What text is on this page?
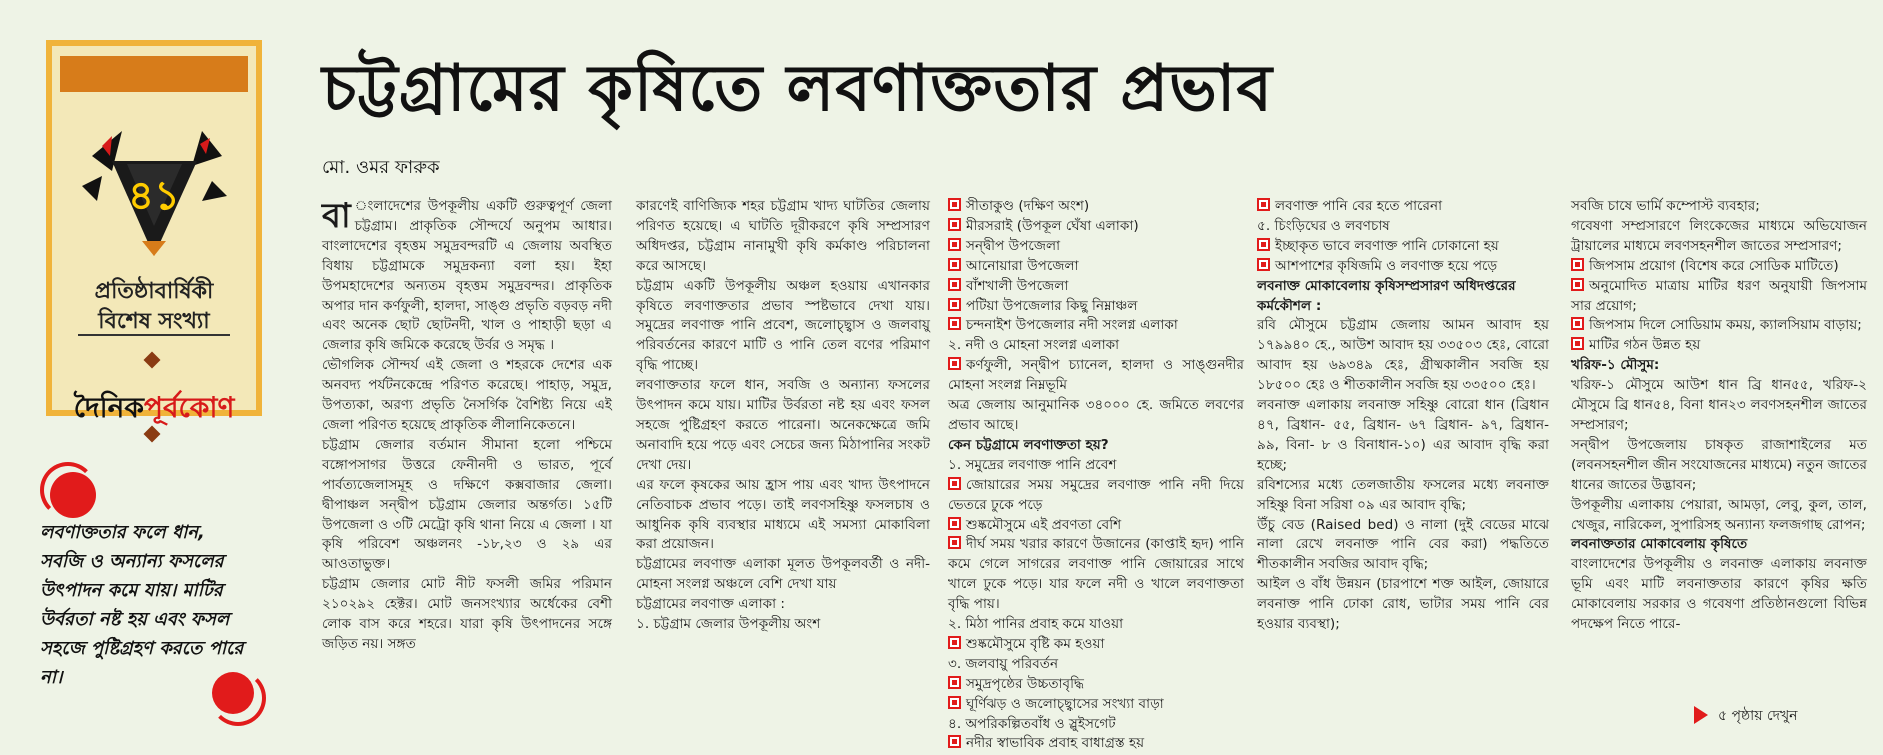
৪১
প্রতিষ্ঠাবার্ষিকী
বিশেষ সংখ্যা
দৈনিকপূর্বকোণ
লবণাক্ততার ফলে ধান, সবজি ও অন্যান্য ফসলের উৎপাদন কমে যায়। মাটির উর্বরতা নষ্ট হয় এবং ফসল সহজে পুষ্টিগ্রহণ করতে পারে না।
চট্টগ্রামের কৃষিতে লবণাক্ততার প্রভাব
মো. ওমর ফারুক

বা ংলাদেশের উপকূলীয় একটি গুরুত্বপূর্ণ জেলা চট্টগ্রাম। প্রাকৃতিক সৌন্দর্যে অনুপম আধার। বাংলাদেশের বৃহত্তম সমুদ্রবন্দরটি এ জেলায় অবস্থিত বিধায় চট্টগ্রামকে সমুদ্রকন্যা বলা হয়। ইহা উপমহাদেশের অন্যতম বৃহত্তম সমুদ্রবন্দর। প্রাকৃতিক অপার দান কর্ণফুলী, হালদা, সাঙ্গু প্রভৃতি বড়বড় নদী এবং অনেক ছোট ছোটনদী, খাল ও পাহাড়ী ছড়া এ জেলার কৃষি জমিকে করেছে উর্বর ও সমৃদ্ধ ।

ভৌগলিক সৌন্দর্য এই জেলা ও শহরকে দেশের এক অনবদ্য পর্যটনকেন্দ্রে পরিণত করেছে। পাহাড়, সমুদ্র, উপত্যকা, অরণ্য প্রভৃতি নৈসর্গিক বৈশিষ্ট্য নিয়ে এই জেলা পরিণত হয়েছে প্রাকৃতিক লীলানিকেতনে।

চট্টগ্রাম জেলার বর্তমান সীমানা হলো পশ্চিমে বঙ্গোপসাগর উত্তরে ফেনীনদী ও ভারত, পূর্বে পার্বত্যজেলাসমূহ ও দক্ষিণে কক্সবাজার জেলা। দ্বীপাঞ্চল সন্দ্বীপ চট্টগ্রাম জেলার অন্তর্গত। ১৫টি উপজেলা ও ৩টি মেট্রো কৃষি থানা নিয়ে এ জেলা । যা কৃষি পরিবেশ অঞ্চলনং -১৮,২৩ ও ২৯ এর আওতাভুক্ত।

চট্টগ্রাম জেলার মোট নীট ফসলী জমির পরিমান ২১০২৯২ হেক্টর। মোট জনসংখ্যার অর্ধেকের বেশী লোক বাস করে শহরে। যারা কৃষি উৎপাদনের সঙ্গে জড়িত নয়। সঙ্গত

কারণেই বাণিজ্যিক শহর চট্টগ্রাম খাদ্য ঘাটতির জেলায় পরিণত হয়েছে। এ ঘাটতি দূরীকরণে কৃষি সম্প্রসারণ অধিদপ্তর, চট্টগ্রাম নানামুখী কৃষি কর্মকাণ্ড পরিচালনা করে আসছে।

চট্টগ্রাম একটি উপকূলীয় অঞ্চল হওয়ায় এখানকার কৃষিতে লবণাক্ততার প্রভাব স্পষ্টভাবে দেখা যায়। সমুদ্রের লবণাক্ত পানি প্রবেশ, জলোচ্ছ্বাস ও জলবায়ু পরিবর্তনের কারণে মাটি ও পানি তেল বণের পরিমাণ বৃদ্ধি পাচ্ছে।

লবণাক্ততার ফলে ধান, সবজি ও অন্যান্য ফসলের উৎপাদন কমে যায়। মাটির উর্বরতা নষ্ট হয় এবং ফসল সহজে পুষ্টিগ্রহণ করতে পারেনা। অনেকক্ষেত্রে জমি অনাবাদি হয়ে পড়ে এবং সেচের জন্য মিঠাপানির সংকট দেখা দেয়।

এর ফলে কৃষকের আয় হ্রাস পায় এবং খাদ্য উৎপাদনে নেতিবাচক প্রভাব পড়ে। তাই লবণসহিষ্ণু ফসলচাষ ও আধুনিক কৃষি ব্যবস্থার মাধ্যমে এই সমস্যা মোকাবিলা করা প্রয়োজন।

চট্টগ্রামের লবণাক্ত এলাকা মূলত উপকূলবর্তী ও নদী-মোহনা সংলগ্ন অঞ্চলে বেশি দেখা যায়

চট্টগ্রামের লবণাক্ত এলাকা :

১. চট্টগ্রাম জেলার উপকূলীয় অংশ

সীতাকুণ্ড (দক্ষিণ অংশ)
মীরসরাই (উপকূল ঘেঁষা এলাকা)
সন্দ্বীপ উপজেলা
আনোয়ারা উপজেলা
বাঁশখালী উপজেলা
পটিয়া উপজেলার কিছু নিম্নাঞ্চল
চন্দনাইশ উপজেলার নদী সংলগ্ন এলাকা
২. নদী ও মোহনা সংলগ্ন এলাকা

কর্ণফুলী, সন্দ্বীপ চ্যানেল, হালদা ও সাঙ্গুনদীর মোহনা সংলগ্ন নিম্নভূমি

অত্র জেলায় আনুমানিক ৩৪০০০ হে. জমিতে লবণের প্রভাব আছে।

কেন চট্টগ্রামে লবণাক্ততা হয়?
১. সমুদ্রের লবণাক্ত পানি প্রবেশ

জোয়ারের সময় সমুদ্রের লবণাক্ত পানি নদী দিয়ে ভেতরে ঢুকে পড়ে

শুষ্কমৌসুমে এই প্রবণতা বেশি

দীর্ঘ সময় খরার কারণে উজানের (কাপ্তাই হৃদ) পানি কমে গেলে সাগরের লবণাক্ত পানি জোয়ারের সাথে খালে ঢুকে পড়ে। যার ফলে নদী ও খালে লবণাক্ততা বৃদ্ধি পায়।

২. মিঠা পানির প্রবাহ কমে যাওয়া
শুষ্কমৌসুমে বৃষ্টি কম হওয়া
৩. জলবায়ু পরিবর্তন
সমুদ্রপৃষ্ঠের উচ্চতাবৃদ্ধি
ঘূর্ণিঝড় ও জলোচ্ছ্বাসের সংখ্যা বাড়া
৪. অপরিকল্পিতবাঁধ ও স্লুইসগেট
নদীর স্বাভাবিক প্রবাহ বাধাগ্রস্ত হয়
লবণাক্ত পানি বের হতে পারেনা
৫. চিংড়িঘের ও লবণচাষ

ইচ্ছাকৃত ভাবে লবণাক্ত পানি ঢোকানো হয়

আশপাশের কৃষিজমি ও লবণাক্ত হয়ে পড়ে

লবনাক্ত মোকাবেলায় কৃষিসম্প্রসারণ অধিদপ্তরের কর্মকৌশল :

রবি মৌসুমে চট্টগ্রাম জেলায় আমন আবাদ হয় ১৭৯৯৪০ হে., আউশ আবাদ হয় ৩৩৫০৩ হেঃ, বোরো আবাদ হয় ৬৯৩৪৯ হেঃ, গ্রীষ্মকালীন সবজি হয় ১৮৫০০ হেঃ ও শীতকালীন সবজি হয় ৩৩৫০০ হেঃ।

লবনাক্ত এলাকায় লবনাক্ত সহিষ্ণু বোরো ধান (ব্রিধান ৪৭, ব্রিধান- ৫৫, ব্রিধান- ৬৭ ব্রিধান- ৯৭, ব্রিধান- ৯৯, বিনা- ৮ ও বিনাধান-১০) এর আবাদ বৃদ্ধি করা হচ্ছে;

রবিশস্যের মধ্যে তেলজাতীয় ফসলের মধ্যে লবনাক্ত সহিষ্ণু বিনা সরিষা ০৯ এর আবাদ বৃদ্ধি;

উঁচু বেড (Raised bed) ও নালা (দুই বেডের মাঝে নালা রেখে লবনাক্ত পানি বের করা) পদ্ধতিতে শীতকালীন সবজির আবাদ বৃদ্ধি;

আইল ও বাঁধ উন্নয়ন (চারপাশে শক্ত আইল, জোয়ারে লবনাক্ত পানি ঢোকা রোধ, ভাটার সময় পানি বের হওয়ার ব্যবস্থা);

সবজি চাষে ভার্মি কম্পোস্ট ব্যবহার;

গবেষণা সম্প্রসারণে লিংকেজের মাধ্যমে অভিযোজন ট্রায়ালের মাধ্যমে লবণসহনশীল জাতের সম্প্রসারণ;

জিপসাম প্রয়োগ (বিশেষ করে সোডিক মাটিতে)

অনুমোদিত মাত্রায় মাটির ধরণ অনুযায়ী জিপসাম সার প্রয়োগ;

জিপসাম দিলে সোডিয়াম কময়, ক্যালসিয়াম বাড়ায়;

মাটির গঠন উন্নত হয়
খরিফ-১ মৌসুম:

খরিফ-১ মৌসুমে আউশ ধান ব্রি ধান৫৫, খরিফ-২ মৌসুমে ব্রি ধান৫৪, বিনা ধান২৩ লবণসহনশীল জাতের সম্প্রসারণ;

সন্দ্বীপ উপজেলায় চাষকৃত রাজাশাইলের মত (লবনসহনশীল জীন সংযোজনের মাধ্যমে) নতুন জাতের ধানের জাতের উদ্ভাবন;

উপকূলীয় এলাকায় পেয়ারা, আমড়া, লেবু, কুল, তাল, খেজুর, নারিকেল, সুপারিসহ অন্যান্য ফলজগাছ রোপন;

লবনাক্ততার মোকাবেলায় কৃষিতে

বাংলাদেশের উপকূলীয় ও লবনাক্ত এলাকায় লবনাক্ত ভূমি এবং মাটি লবনাক্ততার কারণে কৃষির ক্ষতি মোকাবেলায় সরকার ও গবেষণা প্রতিষ্ঠানগুলো বিভিন্ন পদক্ষেপ নিতে পারে-

৫ পৃষ্ঠায় দেখুন
